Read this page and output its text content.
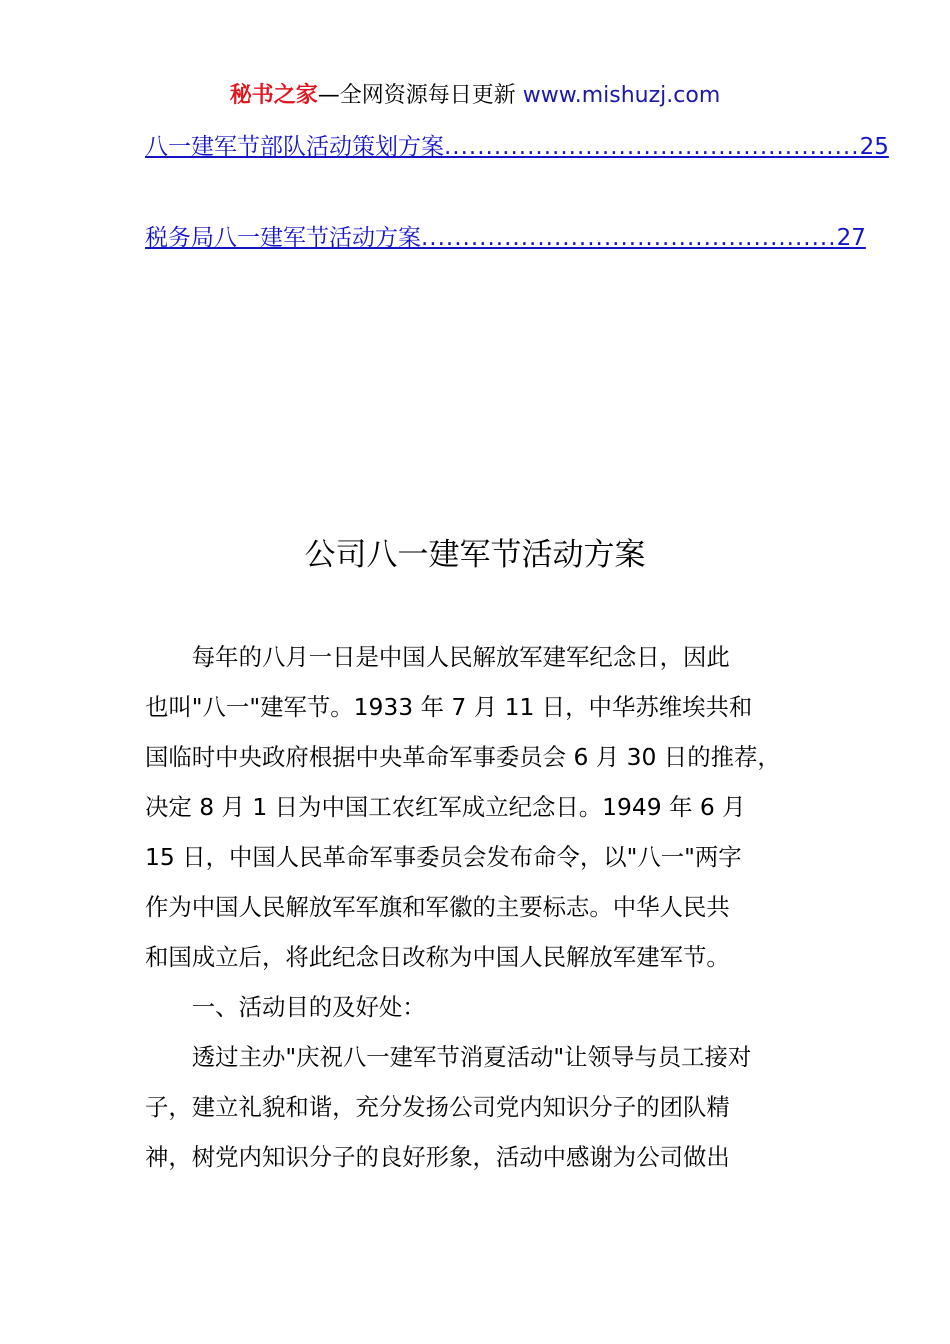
秘书之家—全网资源每日更新 www.mishuzj.com
八一建军节部队活动策划方案 .................................................. 25
税务局八一建军节活动方案 .................................................. 27
公司八一建军节活动方案

每年的八月一日是中国人民解放军建军纪念日，因此

也叫"八一"建军节。1933 年 7 月 11 日，中华苏维埃共和

国临时中央政府根据中央革命军事委员会 6 月 30 日的推荐，

决定 8 月 1 日为中国工农红军成立纪念日。1949 年 6 月

15 日，中国人民革命军事委员会发布命令，以"八一"两字

作为中国人民解放军军旗和军徽的主要标志。中华人民共

和国成立后，将此纪念日改称为中国人民解放军建军节。

一、活动目的及好处：

透过主办"庆祝八一建军节消夏活动"让领导与员工接对

子，建立礼貌和谐，充分发扬公司党内知识分子的团队精

神，树党内知识分子的良好形象，活动中感谢为公司做出
